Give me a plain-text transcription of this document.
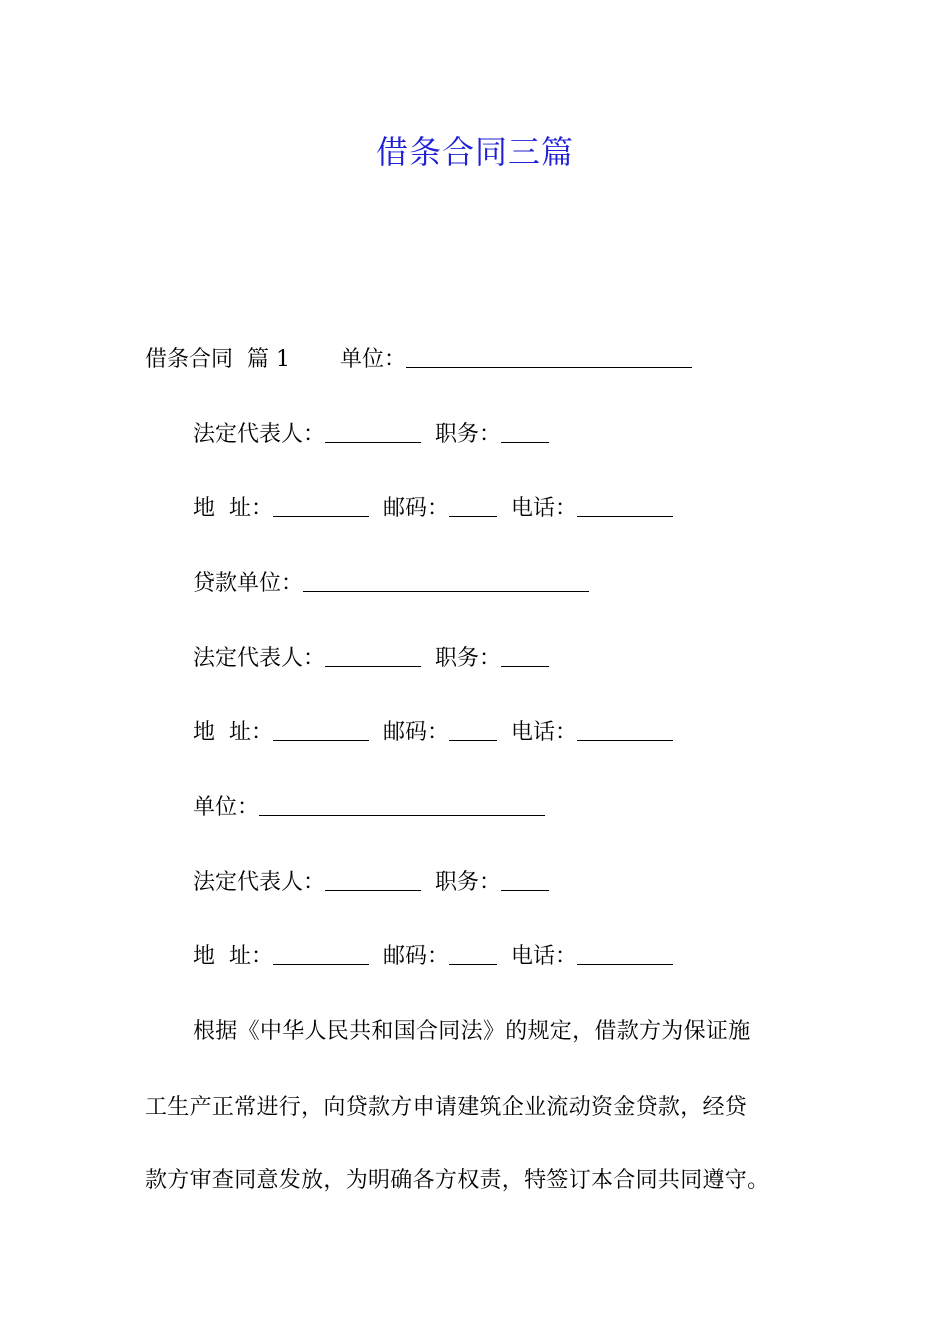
借条合同三篇
借条合同  篇 1 单位：
法定代表人：	职务：
地  址：	邮码：	电话：
贷款单位：
法定代表人：	职务：
地  址：	邮码：	电话：
单位：
法定代表人：	职务：
地  址：	邮码：	电话：
根据《中华人民共和国合同法》的规定，借款方为保证施
工生产正常进行，向贷款方申请建筑企业流动资金贷款，经贷
款方审查同意发放，为明确各方权责，特签订本合同共同遵守。
